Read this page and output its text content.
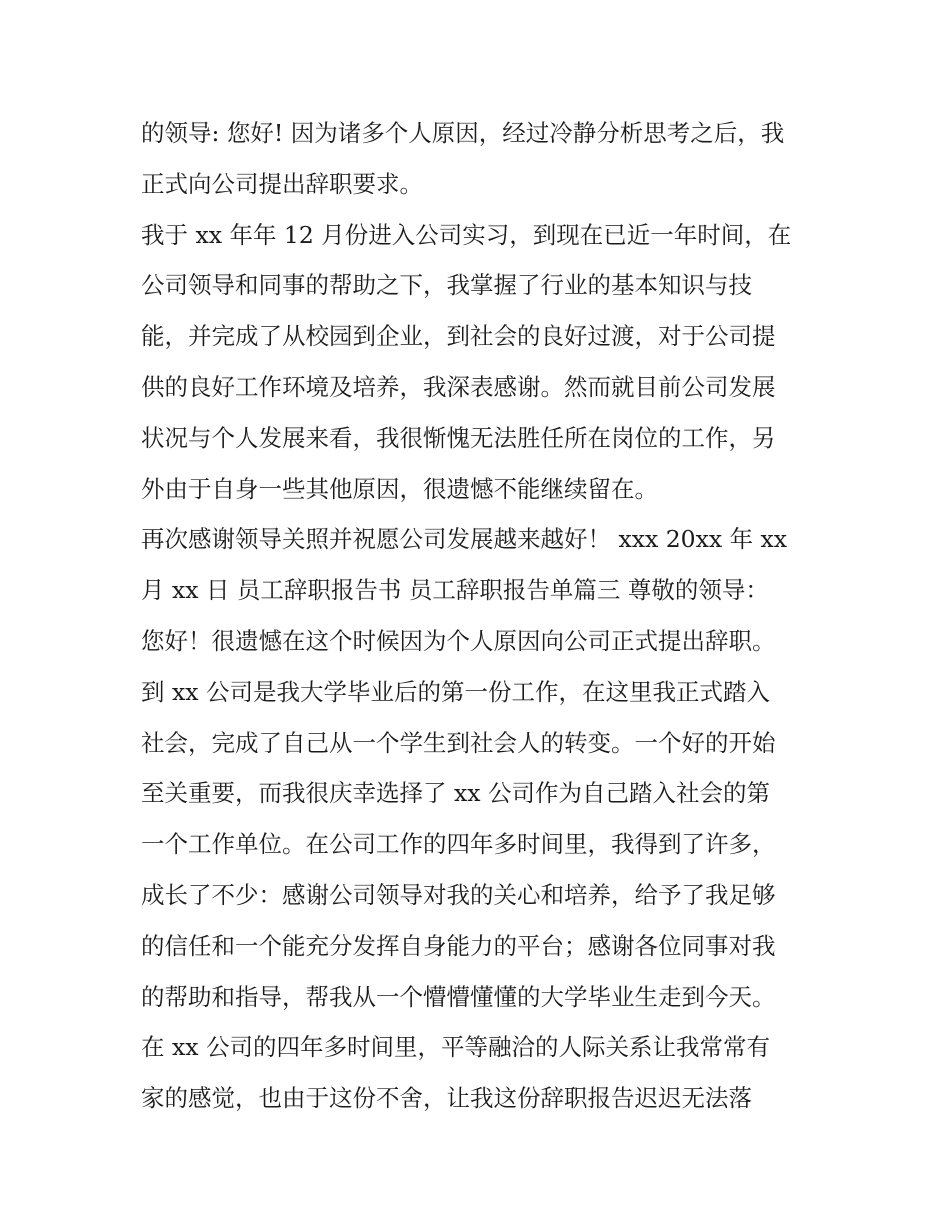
的领导: 您好! 因为诸多个人原因，经过冷静分析思考之后，我
正式向公司提出辞职要求。
我于 xx 年年 12 月份进入公司实习，到现在已近一年时间，在
公司领导和同事的帮助之下，我掌握了行业的基本知识与技
能，并完成了从校园到企业，到社会的良好过渡，对于公司提
供的良好工作环境及培养，我深表感谢。然而就目前公司发展
状况与个人发展来看，我很惭愧无法胜任所在岗位的工作，另
外由于自身一些其他原因，很遗憾不能继续留在。
再次感谢领导关照并祝愿公司发展越来越好！ xxx 20xx 年 xx
月 xx 日 员工辞职报告书 员工辞职报告单篇三 尊敬的领导：
您好！很遗憾在这个时候因为个人原因向公司正式提出辞职。
到 xx 公司是我大学毕业后的第一份工作，在这里我正式踏入
社会，完成了自己从一个学生到社会人的转变。一个好的开始
至关重要，而我很庆幸选择了 xx 公司作为自己踏入社会的第
一个工作单位。在公司工作的四年多时间里，我得到了许多，
成长了不少：感谢公司领导对我的关心和培养，给予了我足够
的信任和一个能充分发挥自身能力的平台；感谢各位同事对我
的帮助和指导，帮我从一个懵懵懂懂的大学毕业生走到今天。
在 xx 公司的四年多时间里，平等融洽的人际关系让我常常有
家的感觉，也由于这份不舍，让我这份辞职报告迟迟无法落
